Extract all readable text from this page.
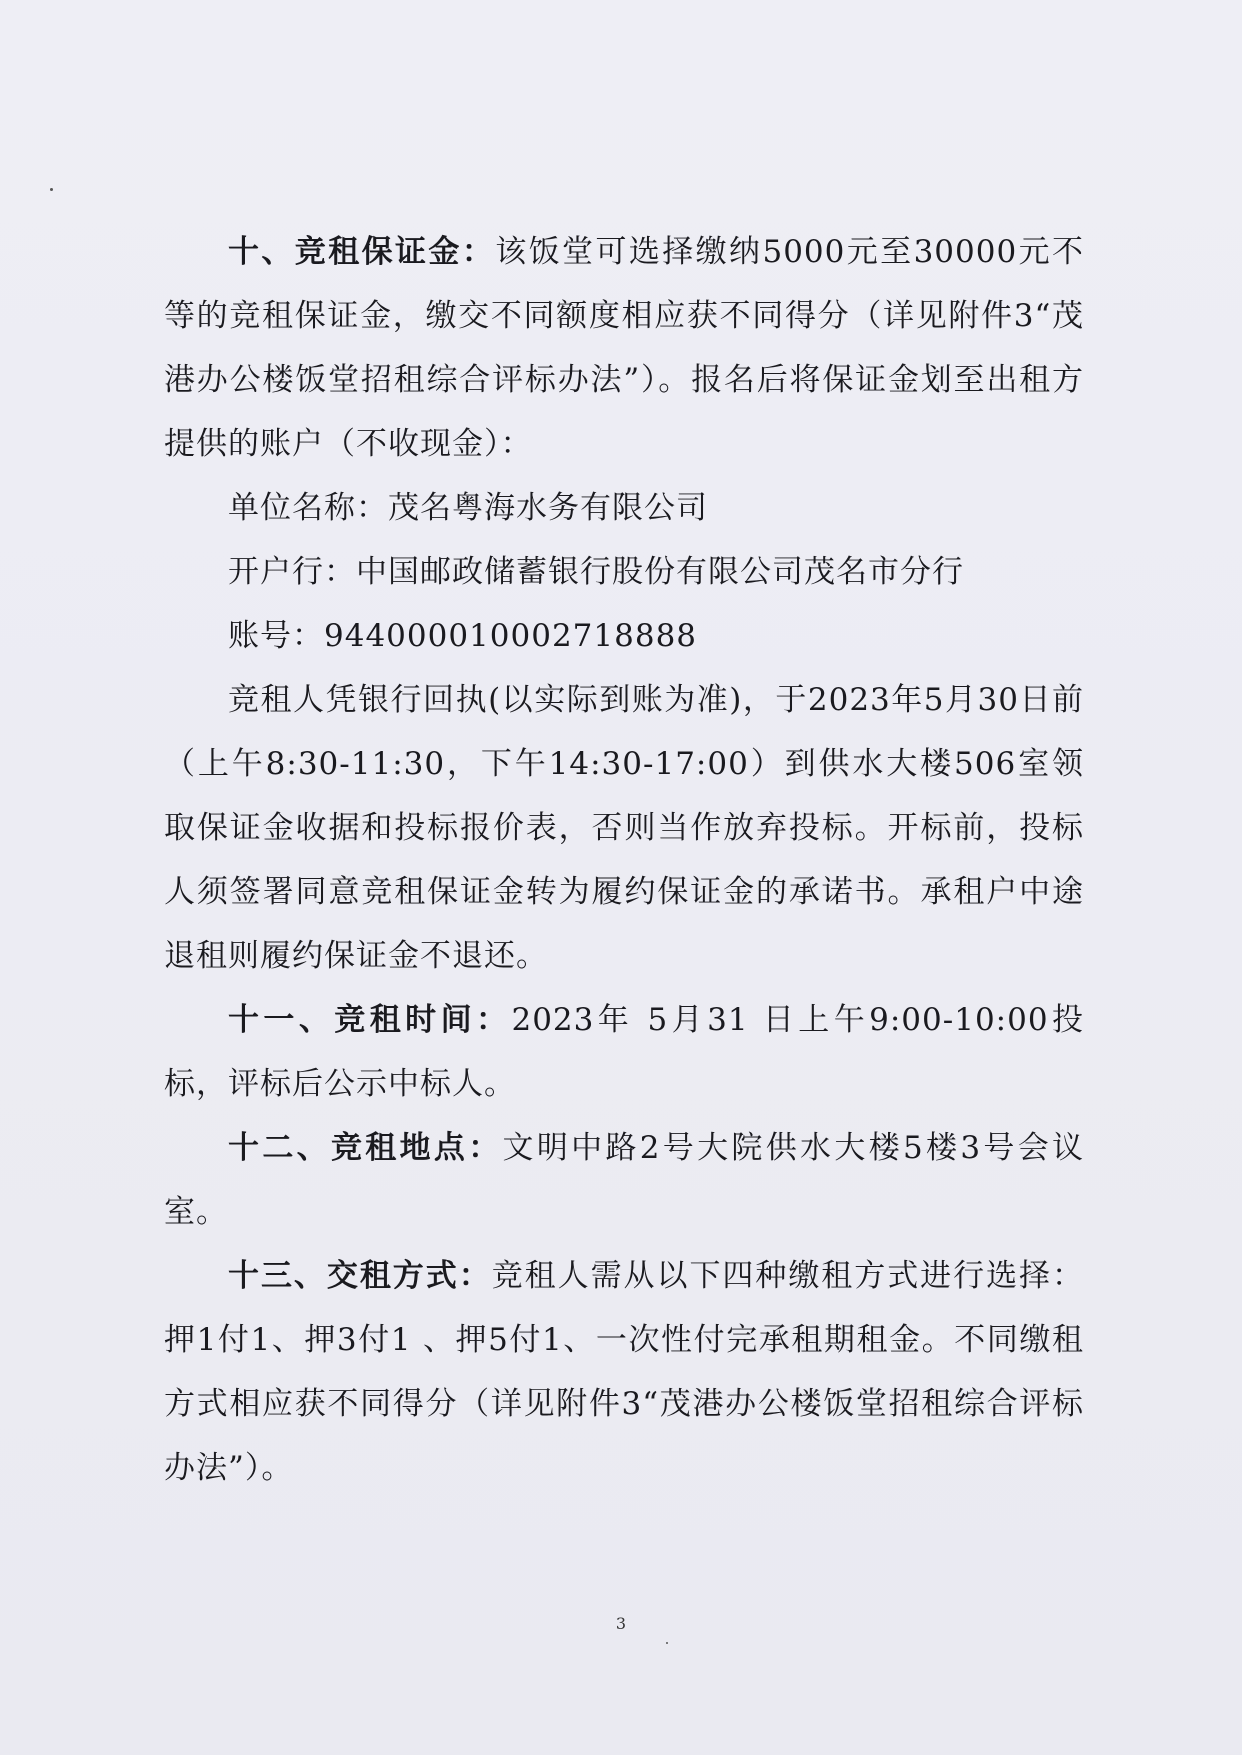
十、竞租保证金：该饭堂可选择缴纳5000元至30000元不等的竞租保证金，缴交不同额度相应获不同得分（详见附件3“茂港办公楼饭堂招租综合评标办法”）。报名后将保证金划至出租方提供的账户（不收现金）：

单位名称：茂名粤海水务有限公司

开户行：中国邮政储蓄银行股份有限公司茂名市分行

账号：944000010002718888

竞租人凭银行回执(以实际到账为准)，于2023年5月30日前（上午8:30-11:30，下午14:30-17:00）到供水大楼506室领取保证金收据和投标报价表，否则当作放弃投标。开标前，投标人须签署同意竞租保证金转为履约保证金的承诺书。承租户中途退租则履约保证金不退还。

十一、竞租时间：2023年 5月31 日上午9:00-10:00投标，评标后公示中标人。

十二、竞租地点：文明中路2号大院供水大楼5楼3号会议室。

十三、交租方式：竞租人需从以下四种缴租方式进行选择：押1付1、押3付1 、押5付1、一次性付完承租期租金。不同缴租方式相应获不同得分（详见附件3“茂港办公楼饭堂招租综合评标办法”）。

3
